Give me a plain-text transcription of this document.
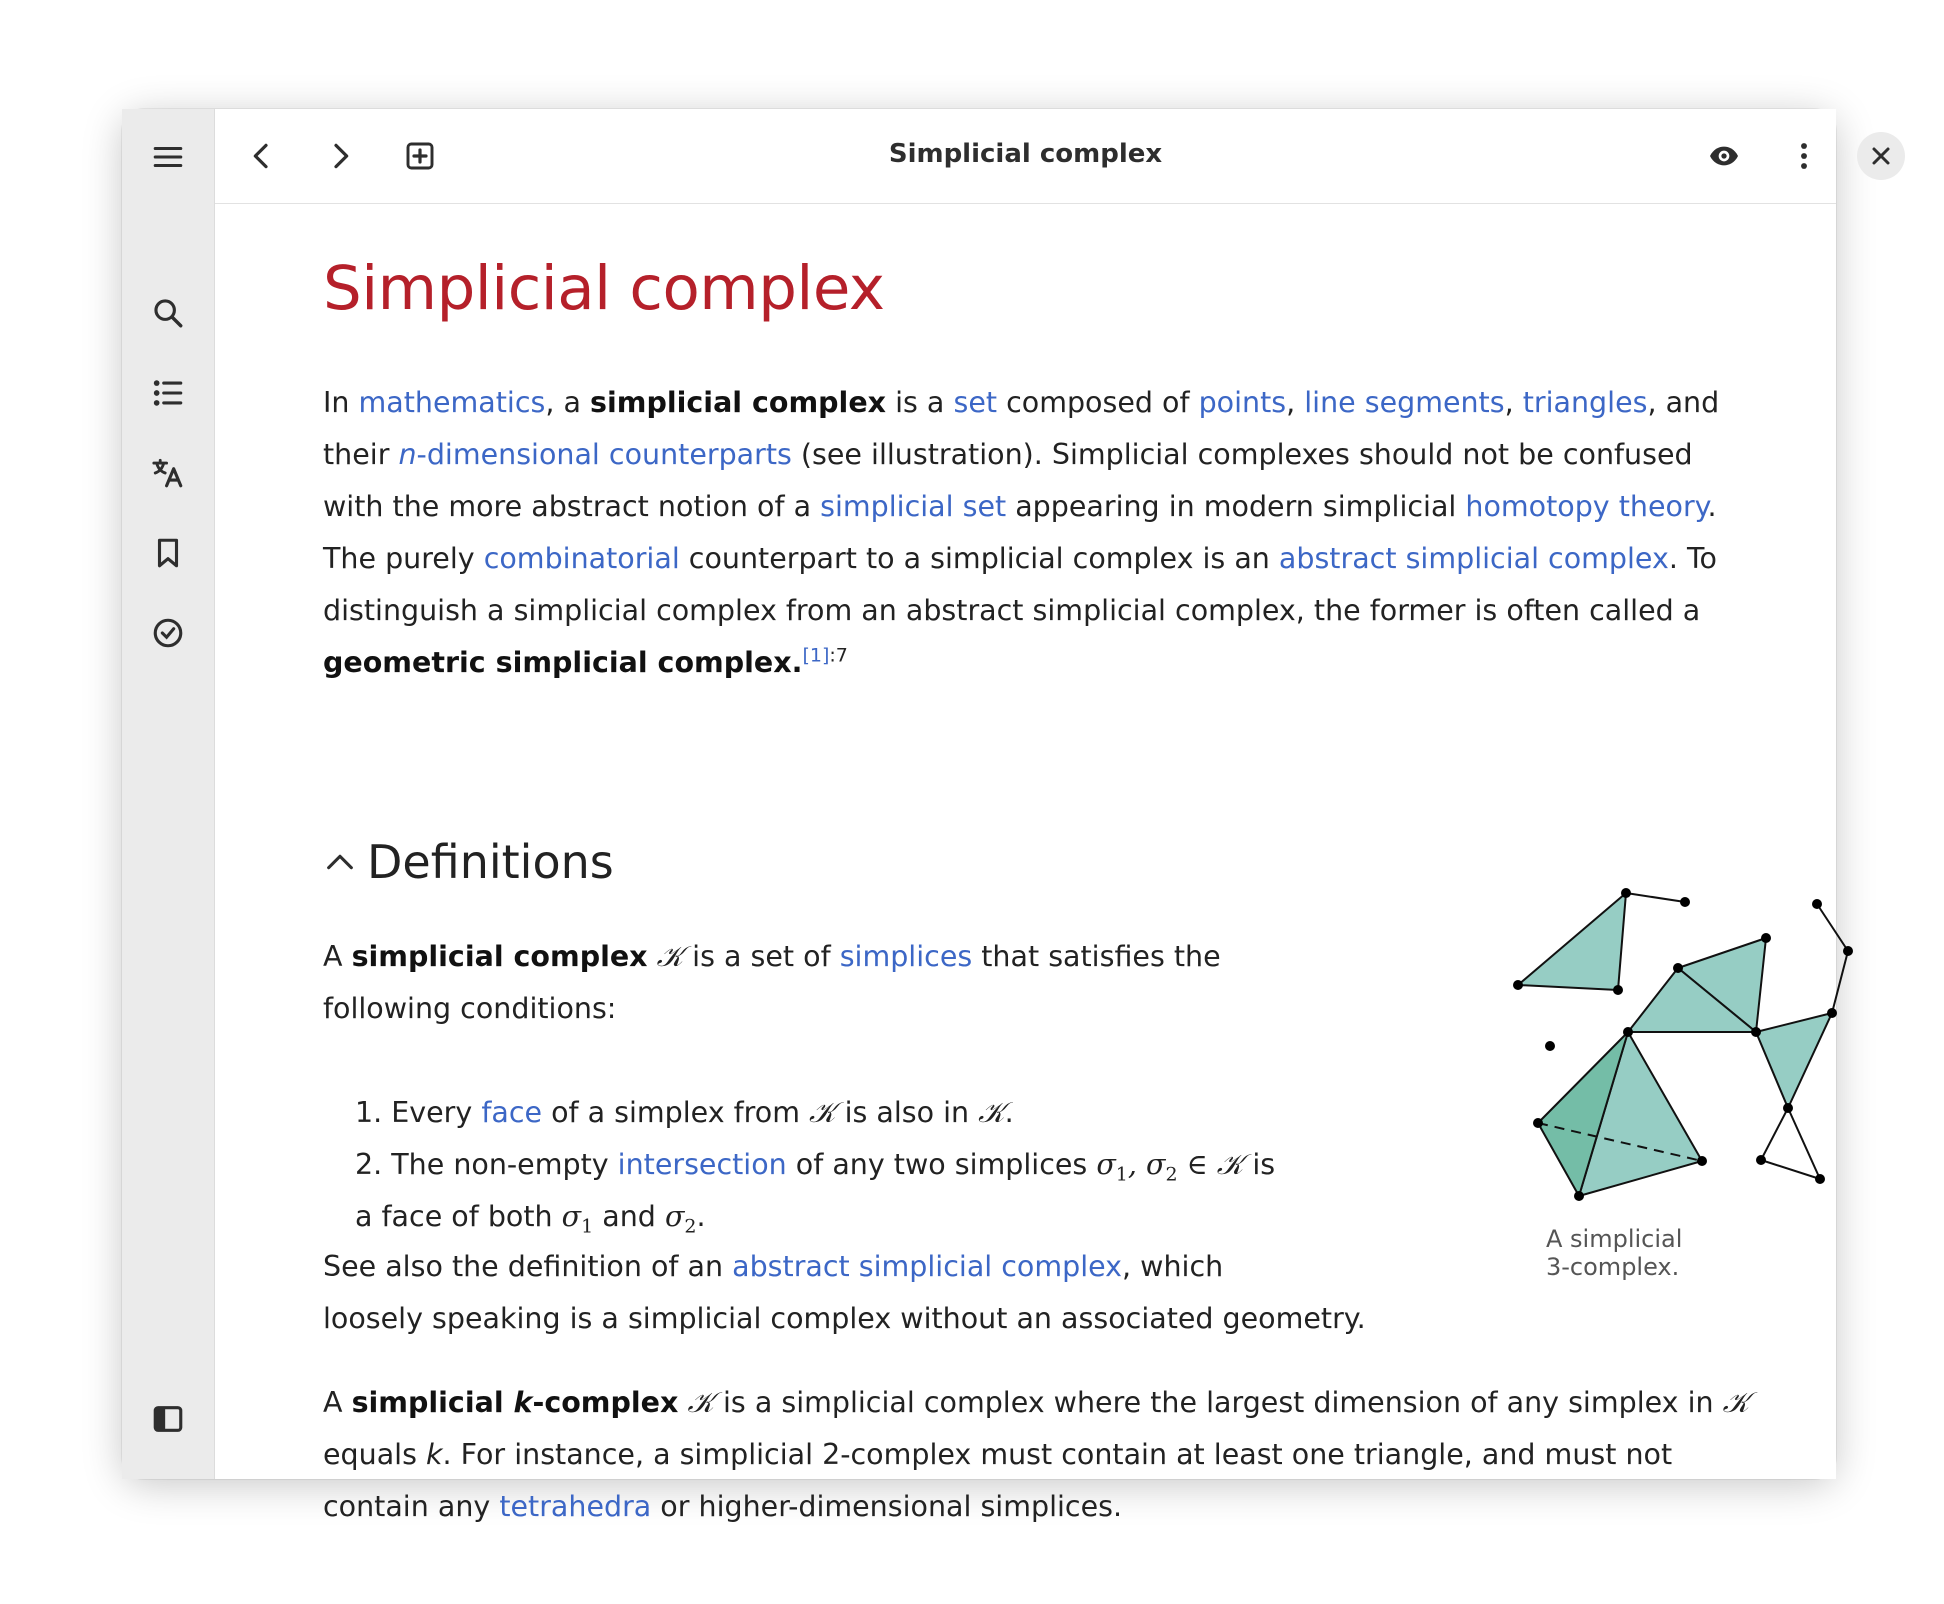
Simplicial complex
Simplicial complex

In mathematics, a simplicial complex is a set composed of points, line segments, triangles, and

their n-dimensional counterparts (see illustration). Simplicial complexes should not be confused

with the more abstract notion of a simplicial set appearing in modern simplicial homotopy theory.

The purely combinatorial counterpart to a simplicial complex is an abstract simplicial complex. To

distinguish a simplicial complex from an abstract simplicial complex, the former is often called a

geometric simplicial complex.$^{[1]:7}$

Definitions

A simplicial complex 𝒦 is a set of simplices that satisfies the

following conditions:

1. Every face of a simplex from 𝒦 is also in 𝒦.
2. The non-empty intersection of any two simplices $\sigma_1$, $\sigma_2$ ∈ 𝒦 is
a face of both $\sigma_1$ and $\sigma_2$.

See also the definition of an abstract simplicial complex, which

loosely speaking is a simplicial complex without an associated geometry.

A simplicial k-complex 𝒦 is a simplicial complex where the largest dimension of any simplex in 𝒦

equals k. For instance, a simplicial 2-complex must contain at least one triangle, and must not

contain any tetrahedra or higher-dimensional simplices.

A simplicial 3-complex.
